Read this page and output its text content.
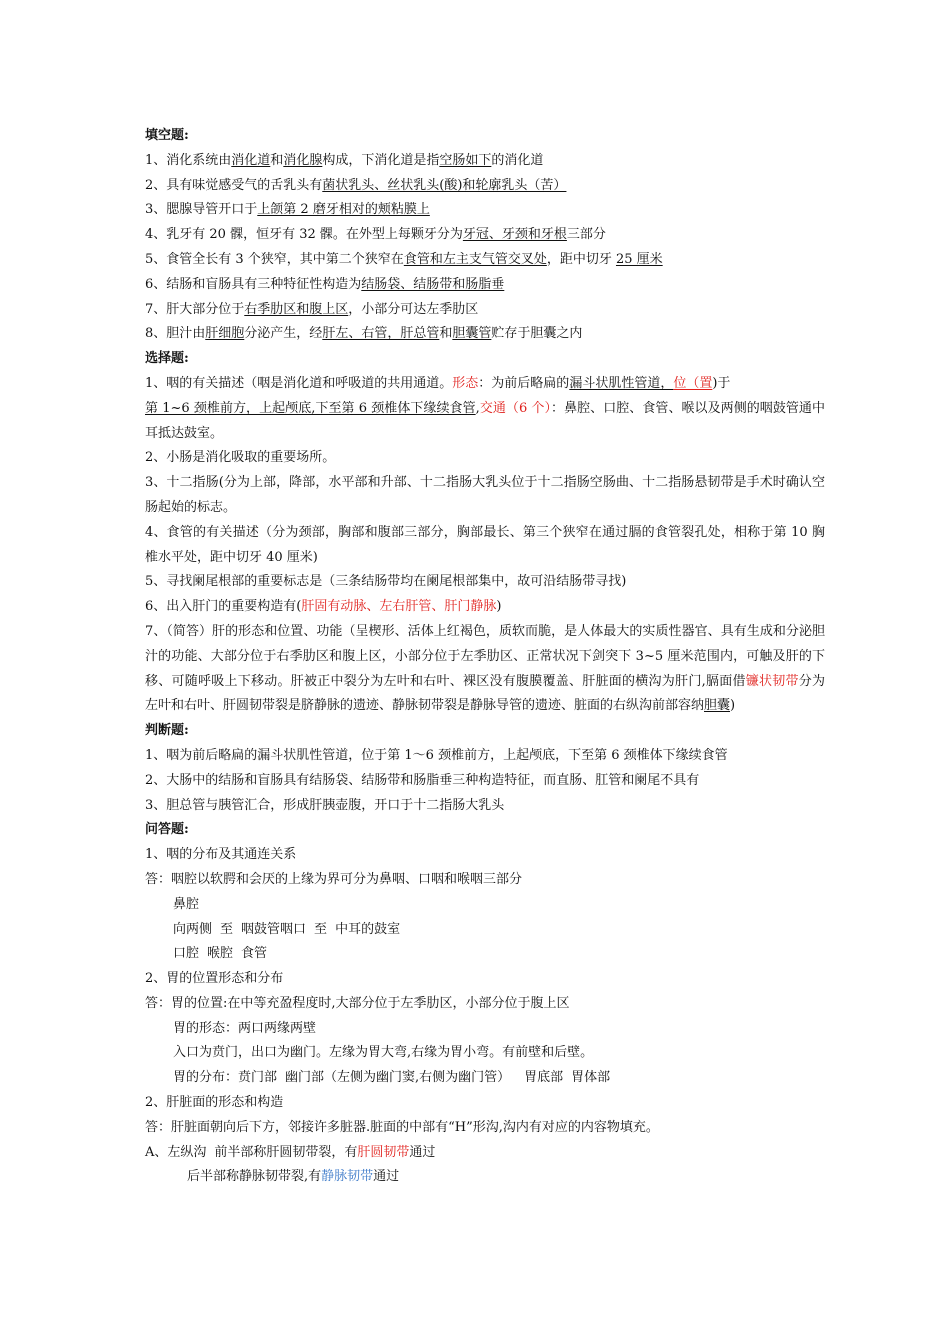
填空题:
1、消化系统由消化道和消化腺构成，下消化道是指空肠如下的消化道
2、具有味觉感受气的舌乳头有菌状乳头、丝状乳头(酸)和轮廓乳头（苦）
3、腮腺导管开口于上颌第 2 磨牙相对的颊粘膜上
4、乳牙有 20 髁，恒牙有 32 髁。在外型上每颗牙分为牙冠、牙颈和牙根三部分
5、食管全长有 3 个狭窄，其中第二个狭窄在食管和左主支气管交叉处，距中切牙 25 厘米
6、结肠和盲肠具有三种特征性构造为结肠袋、结肠带和肠脂垂
7、肝大部分位于右季肋区和腹上区，小部分可达左季肋区
8、胆汁由肝细胞分泌产生，经肝左、右管，肝总管和胆囊管贮存于胆囊之内
选择题:
1、咽的有关描述（咽是消化道和呼吸道的共用通道。形态：为前后略扁的漏斗状肌性管道，位（置)于
第 1~6 颈椎前方，上起颅底,下至第 6 颈椎体下缘续食管,交通（6 个）：鼻腔、口腔、食管、喉以及两侧的咽鼓管通中耳抵达鼓室。
2、小肠是消化吸取的重要场所。
3、十二指肠(分为上部，降部，水平部和升部、十二指肠大乳头位于十二指肠空肠曲、十二指肠悬韧带是手术时确认空肠起始的标志。
4、食管的有关描述（分为颈部，胸部和腹部三部分，胸部最长、第三个狭窄在通过膈的食管裂孔处，相称于第 10 胸椎水平处，距中切牙 40 厘米)
5、寻找阑尾根部的重要标志是（三条结肠带均在阑尾根部集中，故可沿结肠带寻找)
6、出入肝门的重要构造有(肝固有动脉、左右肝管、肝门静脉)
7、（简答）肝的形态和位置、功能（呈楔形、活体上红褐色，质软而脆，是人体最大的实质性器官、具有生成和分泌胆汁的功能、大部分位于右季肋区和腹上区，小部分位于左季肋区、正常状况下剑突下 3~5 厘米范围内，可触及肝的下移、可随呼吸上下移动。肝被正中裂分为左叶和右叶、裸区没有腹膜覆盖、肝脏面的横沟为肝门,膈面借镰状韧带分为左叶和右叶、肝圆韧带裂是脐静脉的遗迹、静脉韧带裂是静脉导管的遗迹、脏面的右纵沟前部容纳胆囊)
判断题:
1、咽为前后略扁的漏斗状肌性管道，位于第 1～6 颈椎前方，上起颅底，下至第 6 颈椎体下缘续食管
2、大肠中的结肠和盲肠具有结肠袋、结肠带和肠脂垂三种构造特征，而直肠、肛管和阑尾不具有
3、胆总管与胰管汇合，形成肝胰壶腹，开口于十二指肠大乳头
问答题:
1、咽的分布及其通连关系
答：咽腔以软腭和会厌的上缘为界可分为鼻咽、口咽和喉咽三部分
鼻腔
向两侧 至 咽鼓管咽口 至 中耳的鼓室
口腔 喉腔 食管
2、胃的位置形态和分布
答：胃的位置:在中等充盈程度时,大部分位于左季肋区，小部分位于腹上区
胃的形态：两口两缘两壁
入口为贲门，出口为幽门。左缘为胃大弯,右缘为胃小弯。有前壁和后壁。
胃的分布：贲门部 幽门部（左侧为幽门窦,右侧为幽门管） 胃底部 胃体部
2、肝脏面的形态和构造
答：肝脏面朝向后下方，邻接许多脏器.脏面的中部有“H”形沟,沟内有对应的内容物填充。
A、左纵沟 前半部称肝圆韧带裂，有肝圆韧带通过
后半部称静脉韧带裂,有静脉韧带通过
